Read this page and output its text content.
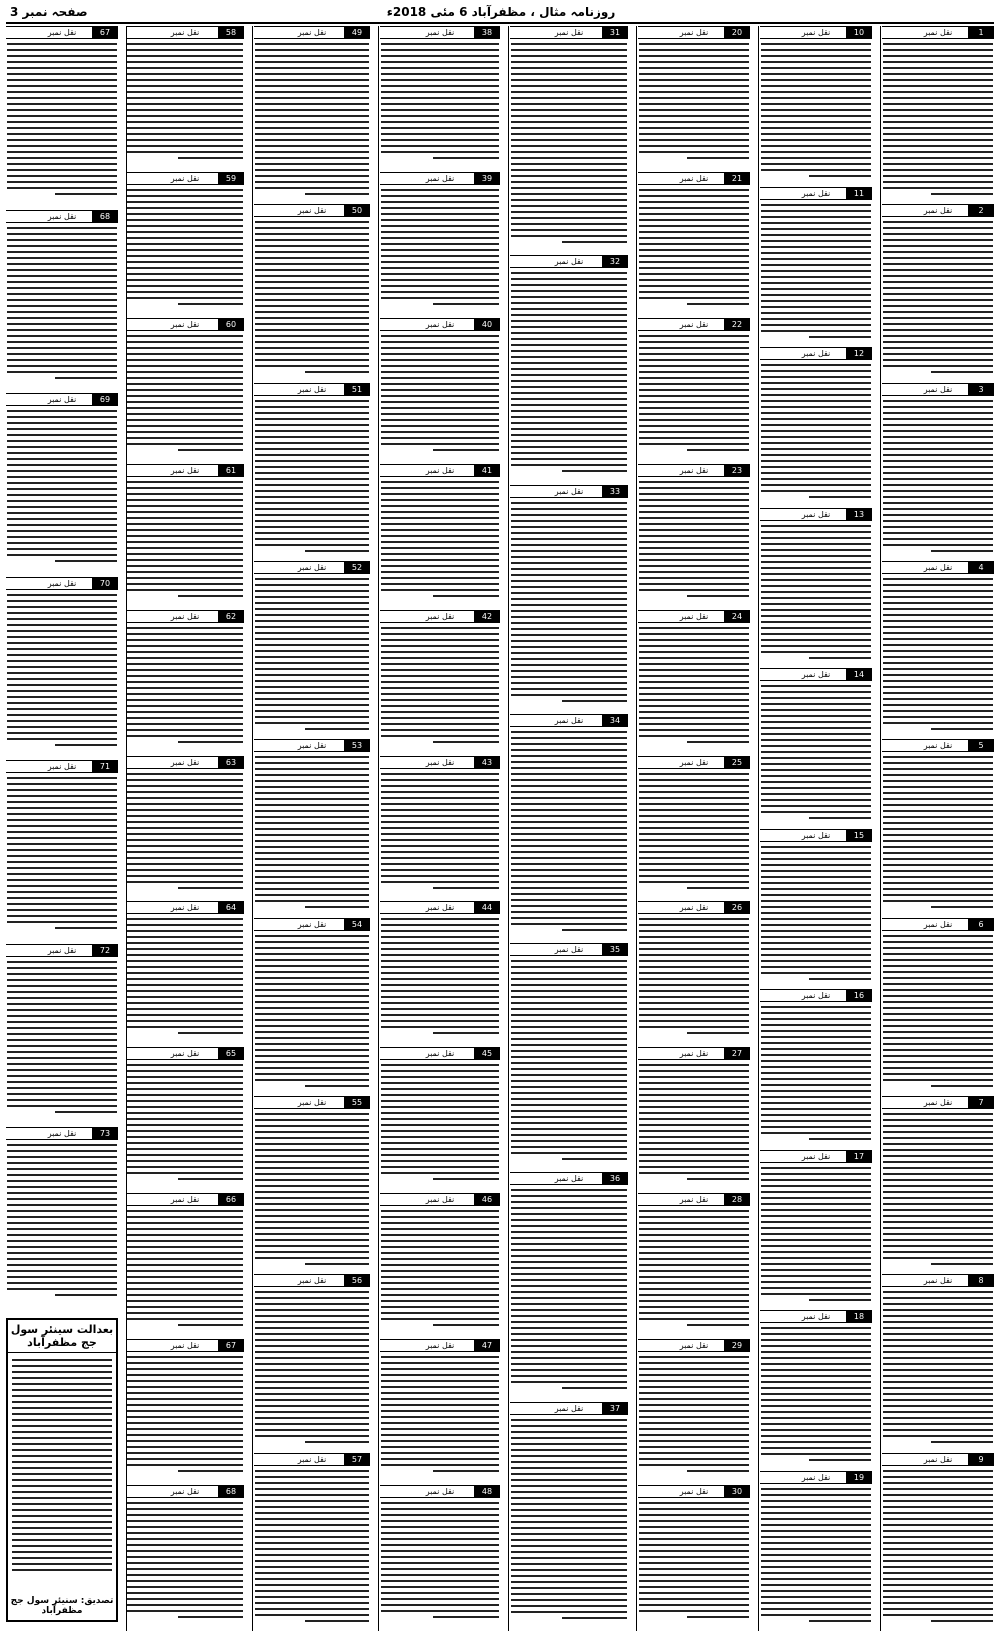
صفحہ نمبر 3	روزنامہ مثال ، مظفرآباد 6 مئی 2018ء
نقل نمبر	1
نقل نمبر	2
نقل نمبر	3
نقل نمبر	4
نقل نمبر	5
نقل نمبر	6
نقل نمبر	7
نقل نمبر	8
نقل نمبر	9
نقل نمبر	10
نقل نمبر	11
نقل نمبر	12
نقل نمبر	13
نقل نمبر	14
نقل نمبر	15
نقل نمبر	16
نقل نمبر	17
نقل نمبر	18
نقل نمبر	19
نقل نمبر	20
نقل نمبر	21
نقل نمبر	22
نقل نمبر	23
نقل نمبر	24
نقل نمبر	25
نقل نمبر	26
نقل نمبر	27
نقل نمبر	28
نقل نمبر	29
نقل نمبر	30
نقل نمبر	31
نقل نمبر	32
نقل نمبر	33
نقل نمبر	34
نقل نمبر	35
نقل نمبر	36
نقل نمبر	37
نقل نمبر	38
نقل نمبر	39
نقل نمبر	40
نقل نمبر	41
نقل نمبر	42
نقل نمبر	43
نقل نمبر	44
نقل نمبر	45
نقل نمبر	46
نقل نمبر	47
نقل نمبر	48
نقل نمبر	49
نقل نمبر	50
نقل نمبر	51
نقل نمبر	52
نقل نمبر	53
نقل نمبر	54
نقل نمبر	55
نقل نمبر	56
نقل نمبر	57
نقل نمبر	58
نقل نمبر	59
نقل نمبر	60
نقل نمبر	61
نقل نمبر	62
نقل نمبر	63
نقل نمبر	64
نقل نمبر	65
نقل نمبر	66
نقل نمبر	67
نقل نمبر	68
نقل نمبر	67
نقل نمبر	68
نقل نمبر	69
نقل نمبر	70
نقل نمبر	71
نقل نمبر	72
نقل نمبر	73
بعدالت سینئر سول جج مظفرآباد
تصدیق: سنیئر سول جج مظفرآباد
